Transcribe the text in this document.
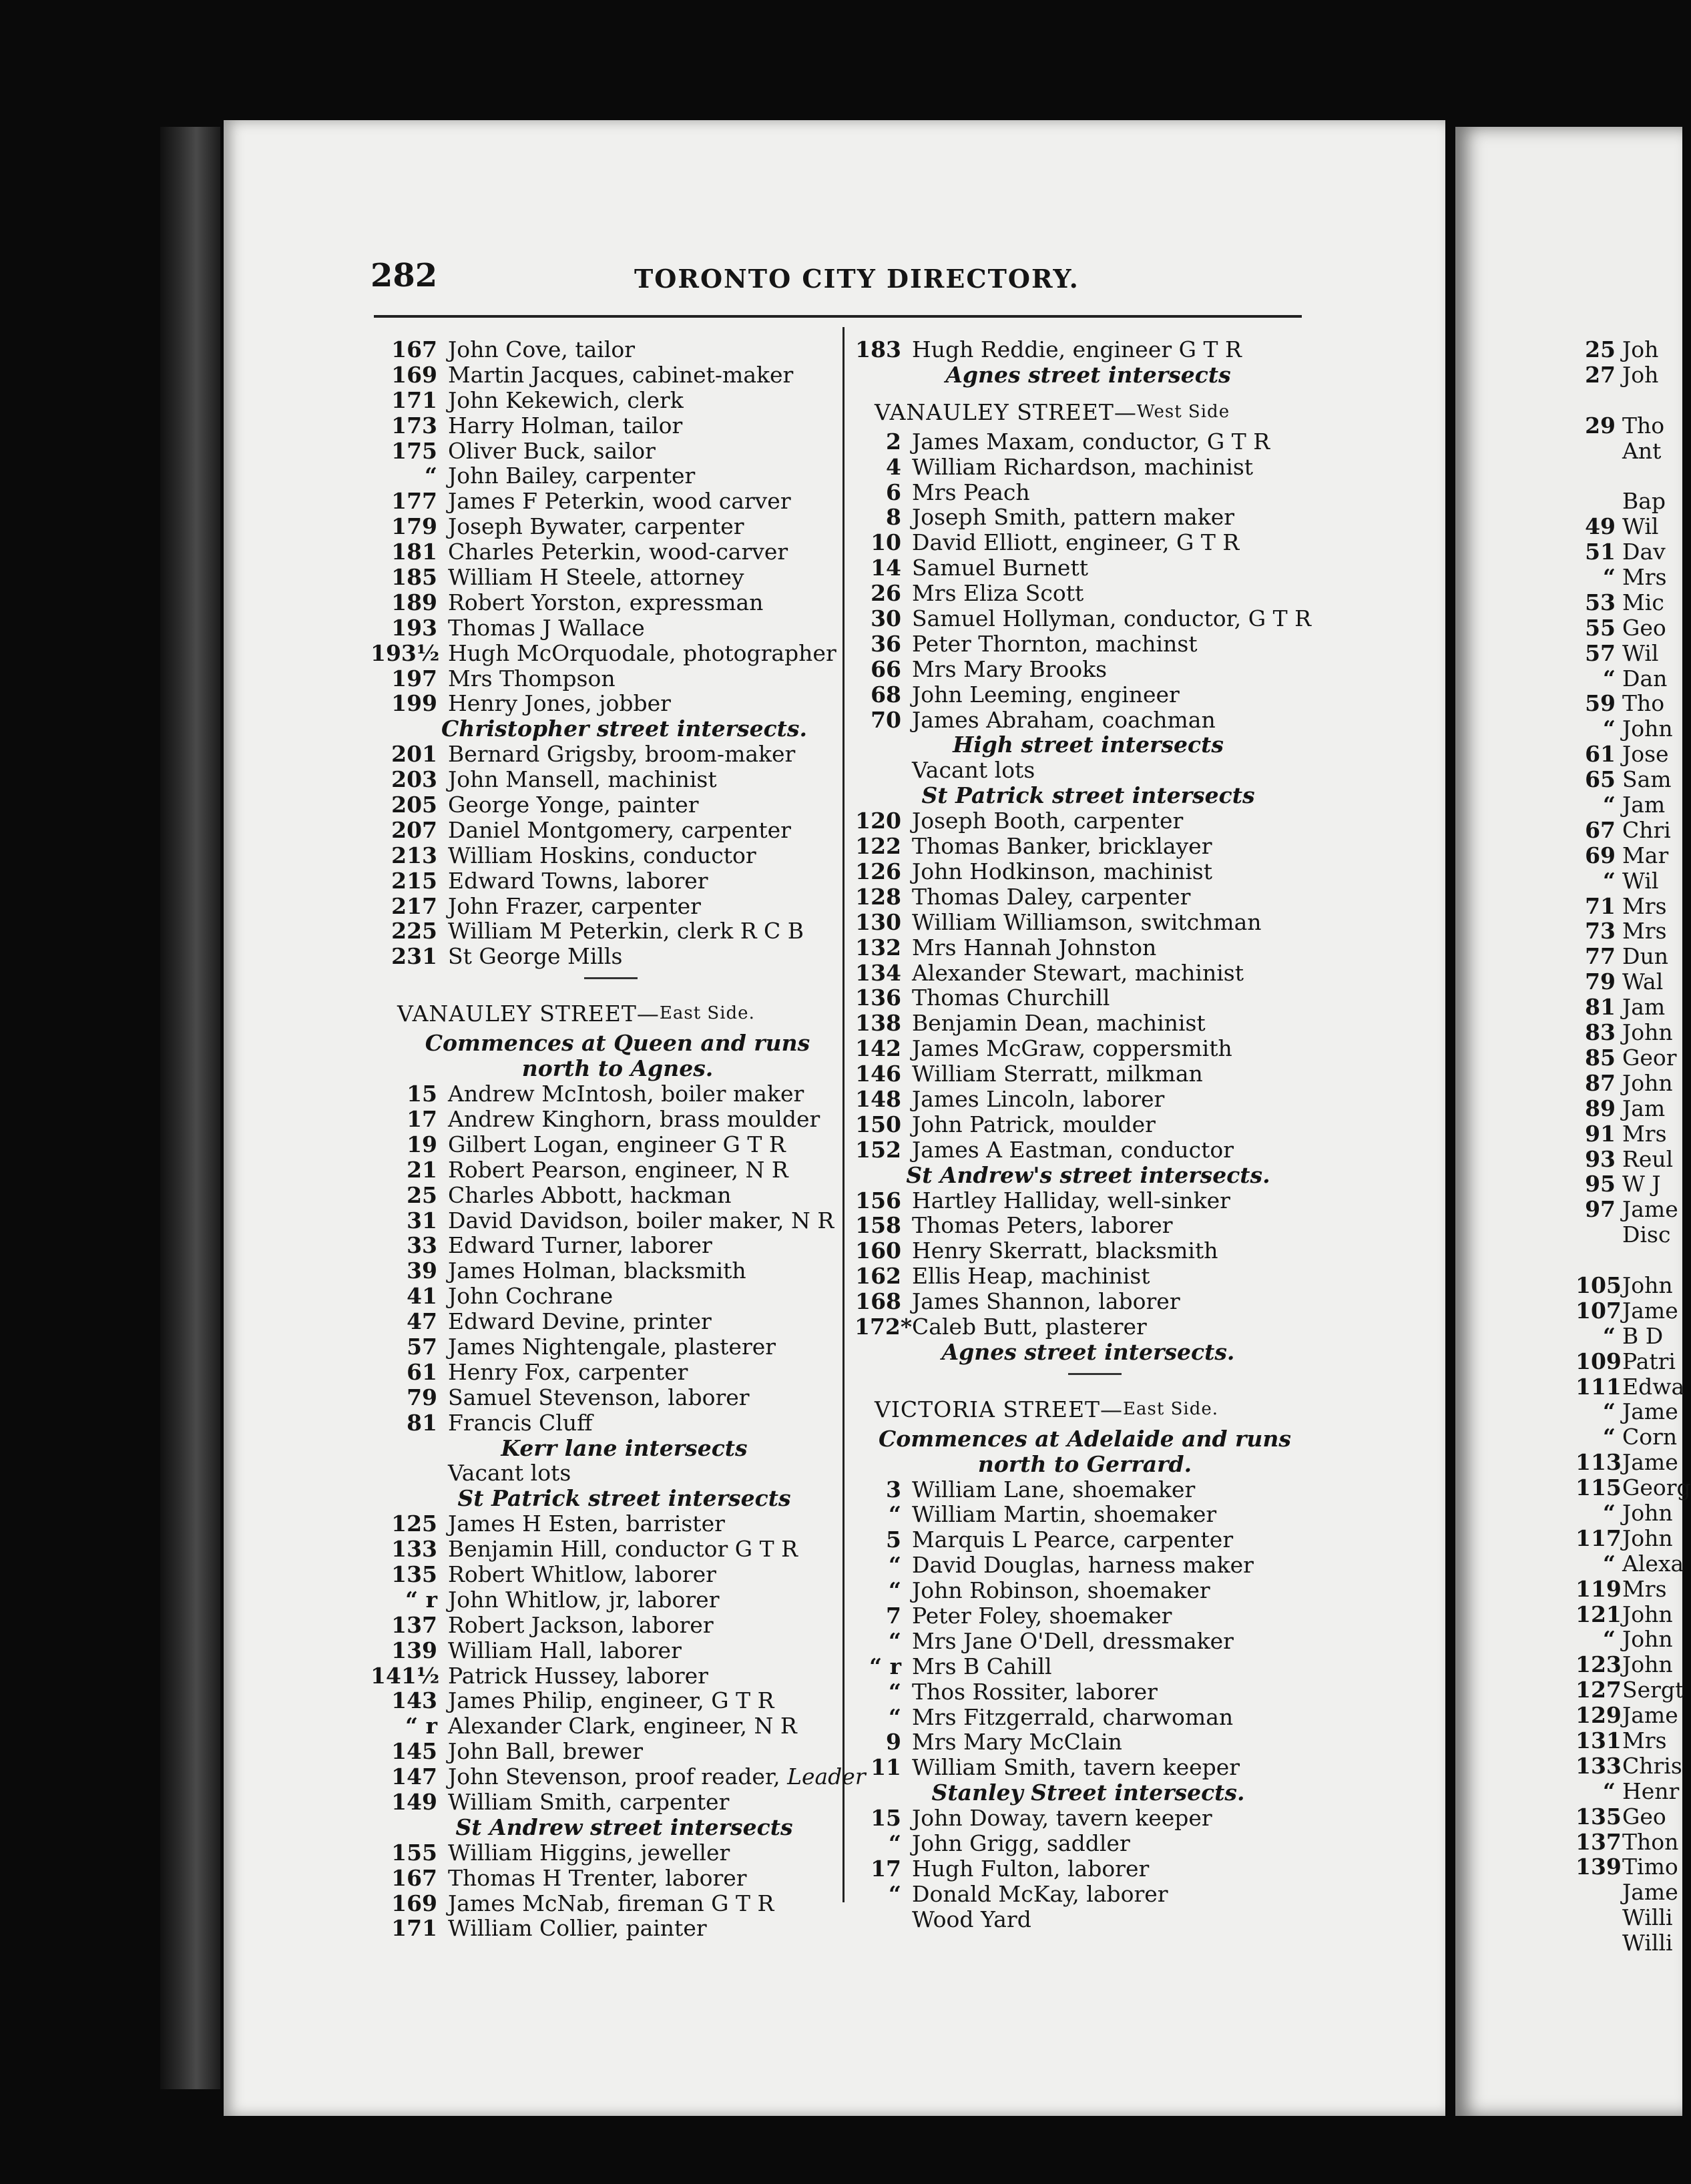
282	TORONTO CITY DIRECTORY.
167 John Cove, tailor
169 Martin Jacques, cabinet-maker
171 John Kekewich, clerk
173 Harry Holman, tailor
175 Oliver Buck, sailor
“ John Bailey, carpenter
177 James F Peterkin, wood carver
179 Joseph Bywater, carpenter
181 Charles Peterkin, wood-carver
185 William H Steele, attorney
189 Robert Yorston, expressman
193 Thomas J Wallace
193½ Hugh McOrquodale, photographer
197 Mrs Thompson
199 Henry Jones, jobber
Christopher street intersects.
201 Bernard Grigsby, broom-maker
203 John Mansell, machinist
205 George Yonge, painter
207 Daniel Montgomery, carpenter
213 William Hoskins, conductor
215 Edward Towns, laborer
217 John Frazer, carpenter
225 William M Peterkin, clerk R C B
231 St George Mills
VANAULEY STREET— East Side.
Commences at Queen and runs north to Agnes.
15 Andrew McIntosh, boiler maker
17 Andrew Kinghorn, brass moulder
19 Gilbert Logan, engineer G T R
21 Robert Pearson, engineer, N R
25 Charles Abbott, hackman
31 David Davidson, boiler maker, N R
33 Edward Turner, laborer
39 James Holman, blacksmith
41 John Cochrane
47 Edward Devine, printer
57 James Nightengale, plasterer
61 Henry Fox, carpenter
79 Samuel Stevenson, laborer
81 Francis Cluff
Kerr lane intersects
Vacant lots
St Patrick street intersects
125 James H Esten, barrister
133 Benjamin Hill, conductor G T R
135 Robert Whitlow, laborer
“ r John Whitlow, jr, laborer
137 Robert Jackson, laborer
139 William Hall, laborer
141½ Patrick Hussey, laborer
143 James Philip, engineer, G T R
“ r Alexander Clark, engineer, N R
145 John Ball, brewer
147 John Stevenson, proof reader, Leader
149 William Smith, carpenter
St Andrew street intersects
155 William Higgins, jeweller
167 Thomas H Trenter, laborer
169 James McNab, fireman G T R
171 William Collier, painter
183 Hugh Reddie, engineer G T R
Agnes street intersects
VANAULEY STREET— West Side
2 James Maxam, conductor, G T R
4 William Richardson, machinist
6 Mrs Peach
8 Joseph Smith, pattern maker
10 David Elliott, engineer, G T R
14 Samuel Burnett
26 Mrs Eliza Scott
30 Samuel Hollyman, conductor, G T R
36 Peter Thornton, machinst
66 Mrs Mary Brooks
68 John Leeming, engineer
70 James Abraham, coachman
High street intersects
Vacant lots
St Patrick street intersects
120 Joseph Booth, carpenter
122 Thomas Banker, bricklayer
126 John Hodkinson, machinist
128 Thomas Daley, carpenter
130 William Williamson, switchman
132 Mrs Hannah Johnston
134 Alexander Stewart, machinist
136 Thomas Churchill
138 Benjamin Dean, machinist
142 James McGraw, coppersmith
146 William Sterratt, milkman
148 James Lincoln, laborer
150 John Patrick, moulder
152 James A Eastman, conductor
St Andrew's street intersects.
156 Hartley Halliday, well-sinker
158 Thomas Peters, laborer
160 Henry Skerratt, blacksmith
162 Ellis Heap, machinist
168 James Shannon, laborer
172* Caleb Butt, plasterer
Agnes street intersects.
VICTORIA STREET— East Side.
Commences at Adelaide and runs north to Gerrard.
3 William Lane, shoemaker
“ William Martin, shoemaker
5 Marquis L Pearce, carpenter
“ David Douglas, harness maker
“ John Robinson, shoemaker
7 Peter Foley, shoemaker
“ Mrs Jane O'Dell, dressmaker
“ r Mrs B Cahill
“ Thos Rossiter, laborer
“ Mrs Fitzgerrald, charwoman
9 Mrs Mary McClain
11 William Smith, tavern keeper
Stanley Street intersects.
15 John Doway, tavern keeper
“ John Grigg, saddler
17 Hugh Fulton, laborer
“ Donald McKay, laborer
Wood Yard
25 Joh
27 Joh
29 Tho
Ant
Bap
49 Wil
51 Dav
“ Mrs
53 Mic
55 Geo
57 Wil
“ Dan
59 Tho
“ John
61 Jose
65 Sam
“ Jam
67 Chri
69 Mar
“ Wil
71 Mrs
73 Mrs
77 Dun
79 Wal
81 Jam
83 John
85 Geor
87 John
89 Jam
91 Mrs
93 Reul
95 W J
97 Jame
Disc
105 John
107 Jame
“ B D
109 Patri
111 Edwa
“ Jame
“ Corn
113 Jame
115 Georg
“ John
117 John
“ Alexa
119 Mrs
121 John
“ John
123 John
127 Sergt
129 Jame
131 Mrs
133 Chris
“ Henr
135 Geo
137 Thon
139 Timo
Jame
Willi
Willi
